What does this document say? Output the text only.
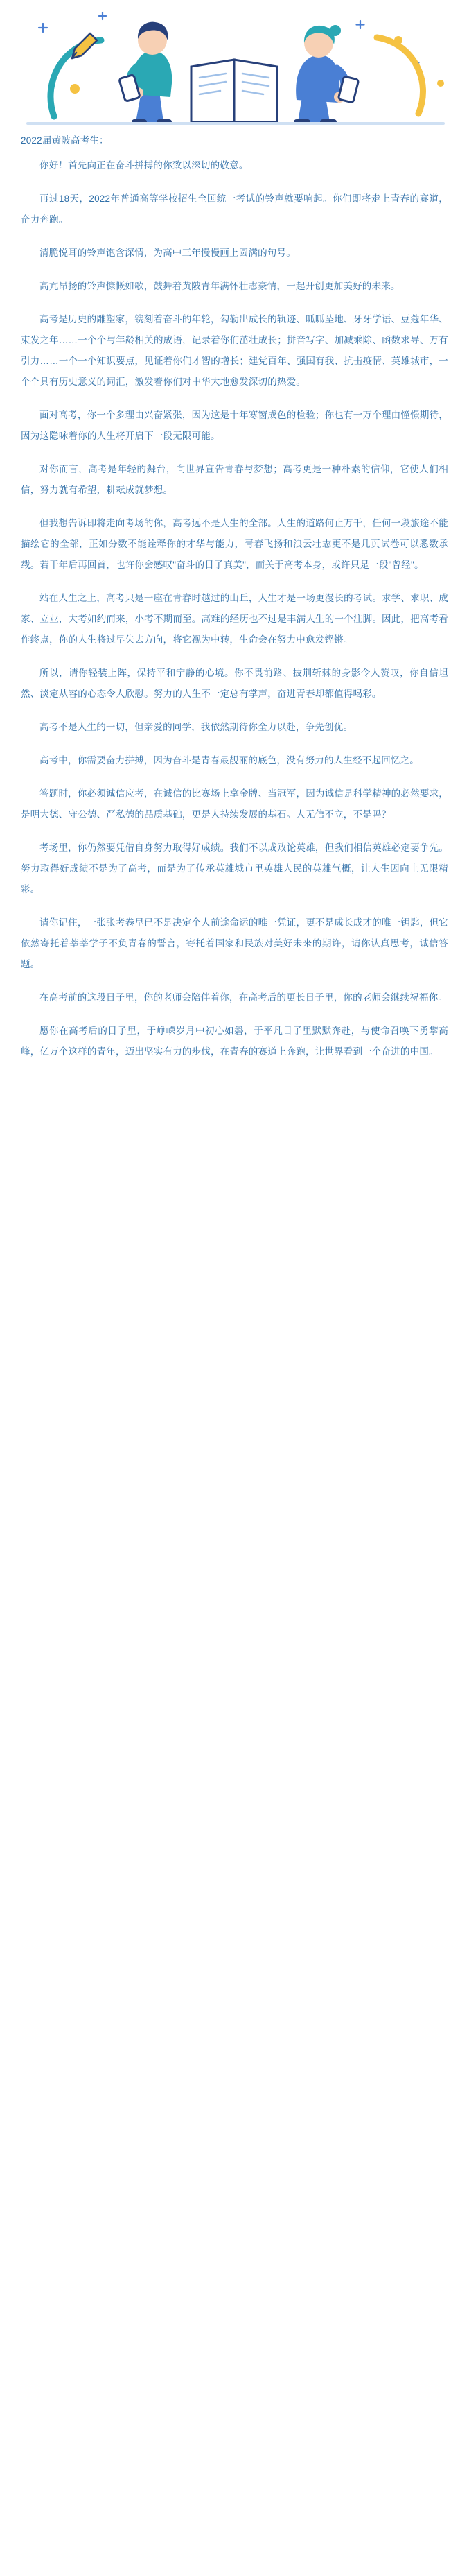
2022届黄陂高考生：

你好！首先向正在奋斗拼搏的你致以深切的敬意。

再过18天，2022年普通高等学校招生全国统一考试的铃声就要响起。你们即将走上青春的赛道，奋力奔跑。

清脆悦耳的铃声饱含深情，为高中三年慢慢画上圆满的句号。

高亢昂扬的铃声慷慨如歌，鼓舞着黄陂青年满怀壮志豪情，一起开创更加美好的未来。

高考是历史的雕塑家，镌刻着奋斗的年轮，勾勒出成长的轨迹、呱呱坠地、牙牙学语、豆蔻年华、束发之年……一个个与年龄相关的成语，记录着你们茁壮成长；拼音写字、加减乘除、函数求导、万有引力……一个一个知识要点，见证着你们才智的增长；建党百年、强国有我、抗击疫情、英雄城市，一个个具有历史意义的词汇，激发着你们对中华大地愈发深切的热爱。

面对高考，你一个多理由兴奋紧张，因为这是十年寒窗成色的检验；你也有一万个理由憧憬期待，因为这隐咏着你的人生将开启下一段无限可能。

对你而言，高考是年轻的舞台，向世界宣告青春与梦想；高考更是一种朴素的信仰，它使人们相信，努力就有希望，耕耘成就梦想。

但我想告诉即将走向考场的你，高考远不是人生的全部。人生的道路何止万千，任何一段旅途不能描绘它的全部，正如分数不能诠释你的才华与能力，青春飞扬和浪云壮志更不是几页试卷可以悉数承载。若干年后再回首，也许你会感叹"奋斗的日子真美"，而关于高考本身，或许只是一段"曾经"。

站在人生之上，高考只是一座在青春时越过的山丘，人生才是一场更漫长的考试。求学、求职、成家、立业，大考如约而来，小考不期而至。高难的经历也不过是丰满人生的一个注脚。因此，把高考看作终点，你的人生将过早失去方向，将它视为中转，生命会在努力中愈发铿锵。

所以，请你轻装上阵，保持平和宁静的心境。你不畏前路、披荆斩棘的身影令人赞叹，你自信坦然、淡定从容的心态令人欣慰。努力的人生不一定总有掌声，奋进青春却都值得喝彩。

高考不是人生的一切，但亲爱的同学，我依然期待你全力以赴，争先创优。

高考中，你需要奋力拼搏，因为奋斗是青春最靓丽的底色，没有努力的人生经不起回忆之。

答题时，你必须诚信应考，在诚信的比赛场上拿金牌、当冠军，因为诚信是科学精神的必然要求，是明大德、守公德、严私德的品质基础，更是人持续发展的基石。人无信不立，不是吗？

考场里，你仍然要凭借自身努力取得好成绩。我们不以成败论英雄，但我们相信英雄必定要争先。努力取得好成绩不是为了高考，而是为了传承英雄城市里英雄人民的英雄气概，让人生因向上无限精彩。

请你记住，一张张考卷早已不是决定个人前途命运的唯一凭证，更不是成长成才的唯一钥匙，但它依然寄托着莘莘学子不负青春的誓言，寄托着国家和民族对美好未来的期许，请你认真思考，诚信答题。

在高考前的这段日子里，你的老师会陪伴着你，在高考后的更长日子里，你的老师会继续祝福你。

愿你在高考后的日子里，于峥嵘岁月中初心如磐，于平凡日子里默默奔赴，与使命召唤下勇攀高峰，亿万个这样的青年，迈出坚实有力的步伐，在青春的赛道上奔跑，让世界看到一个奋进的中国。
